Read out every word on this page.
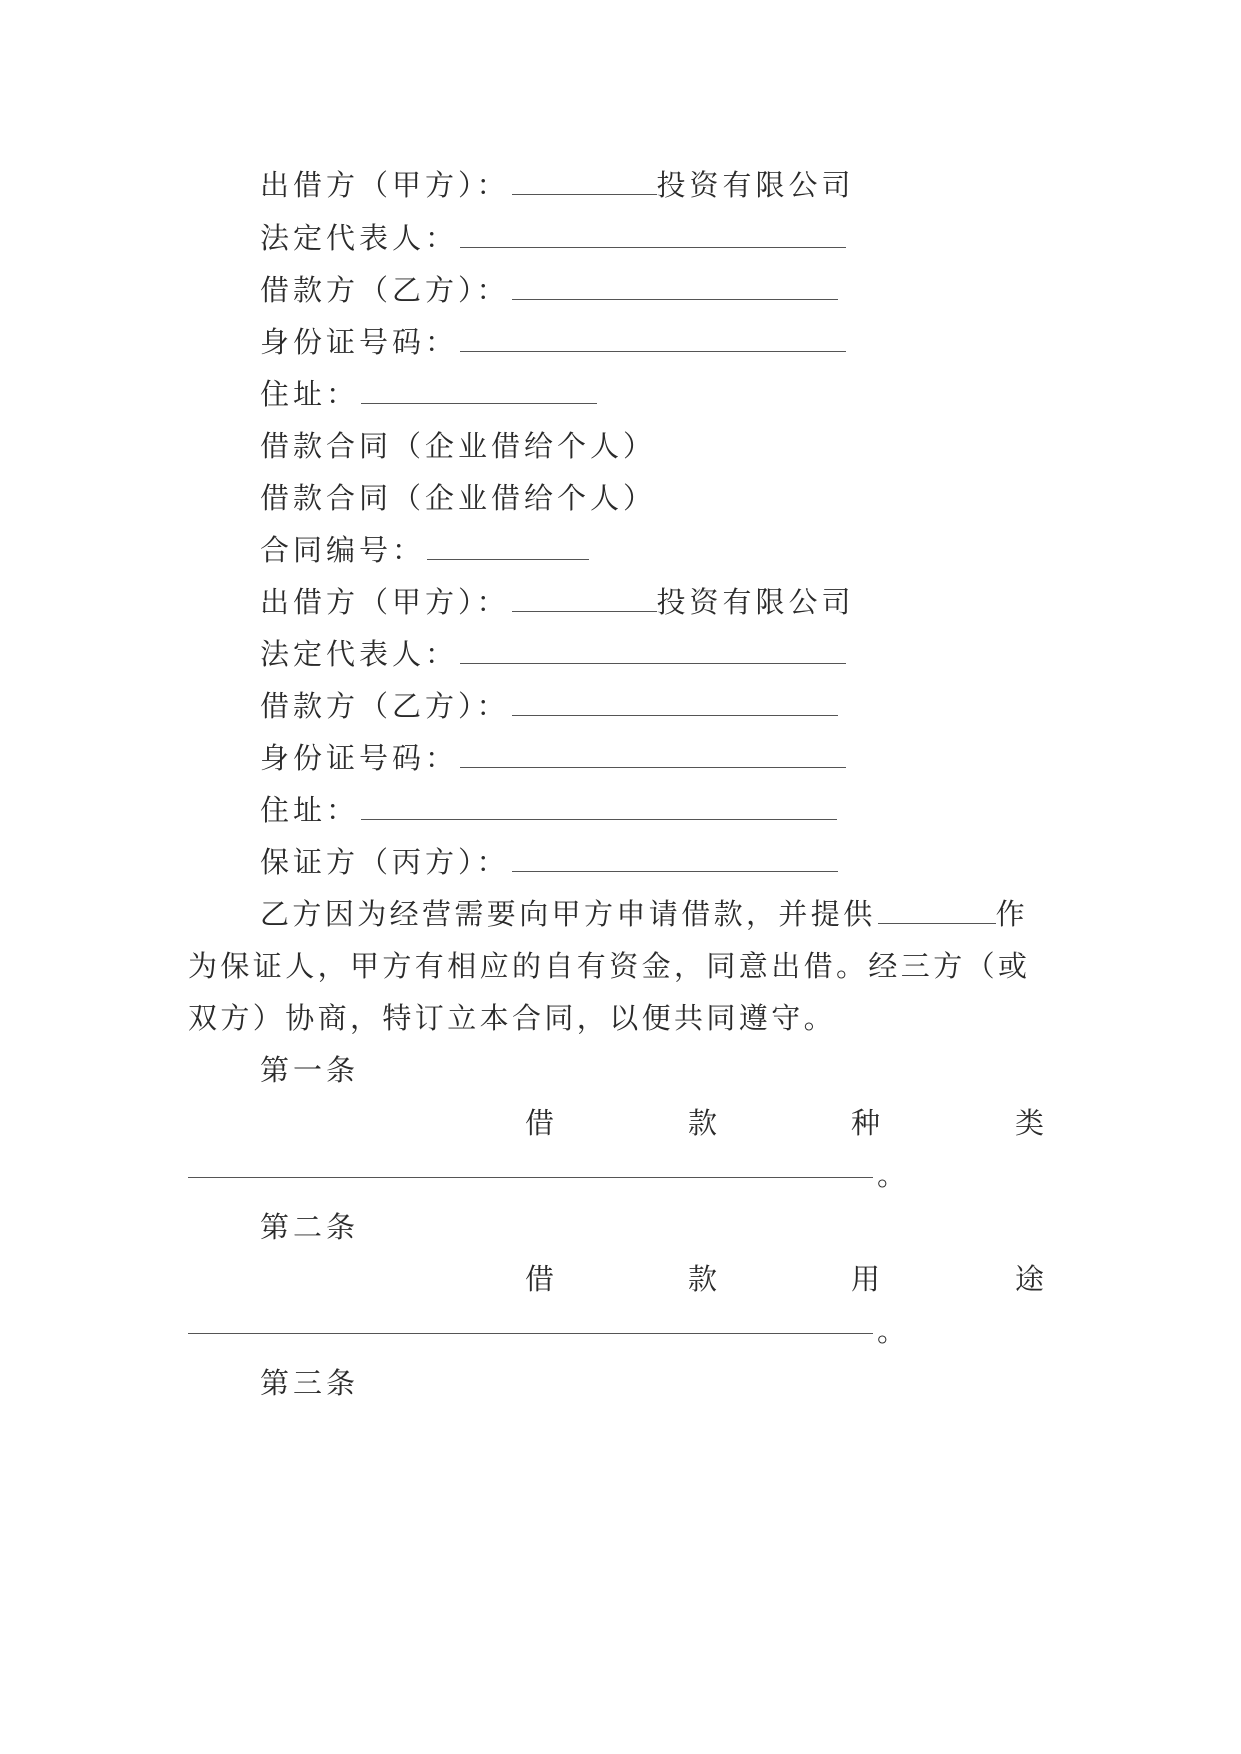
出借方（甲方）：	投资有限公司
法定代表人：
借款方（乙方）：
身份证号码：
住址：
借款合同（企业借给个人）
借款合同（企业借给个人）
合同编号：
出借方（甲方）：	投资有限公司
法定代表人：
借款方（乙方）：
身份证号码：
住址：
保证方（丙方）：
乙方因为经营需要向甲方申请借款，并提供	作
为保证人，甲方有相应的自有资金，同意出借。经三方（或
双方）协商，特订立本合同，以便共同遵守。
第一条
借	款	种	类
。
第二条
借	款	用	途
。
第三条
